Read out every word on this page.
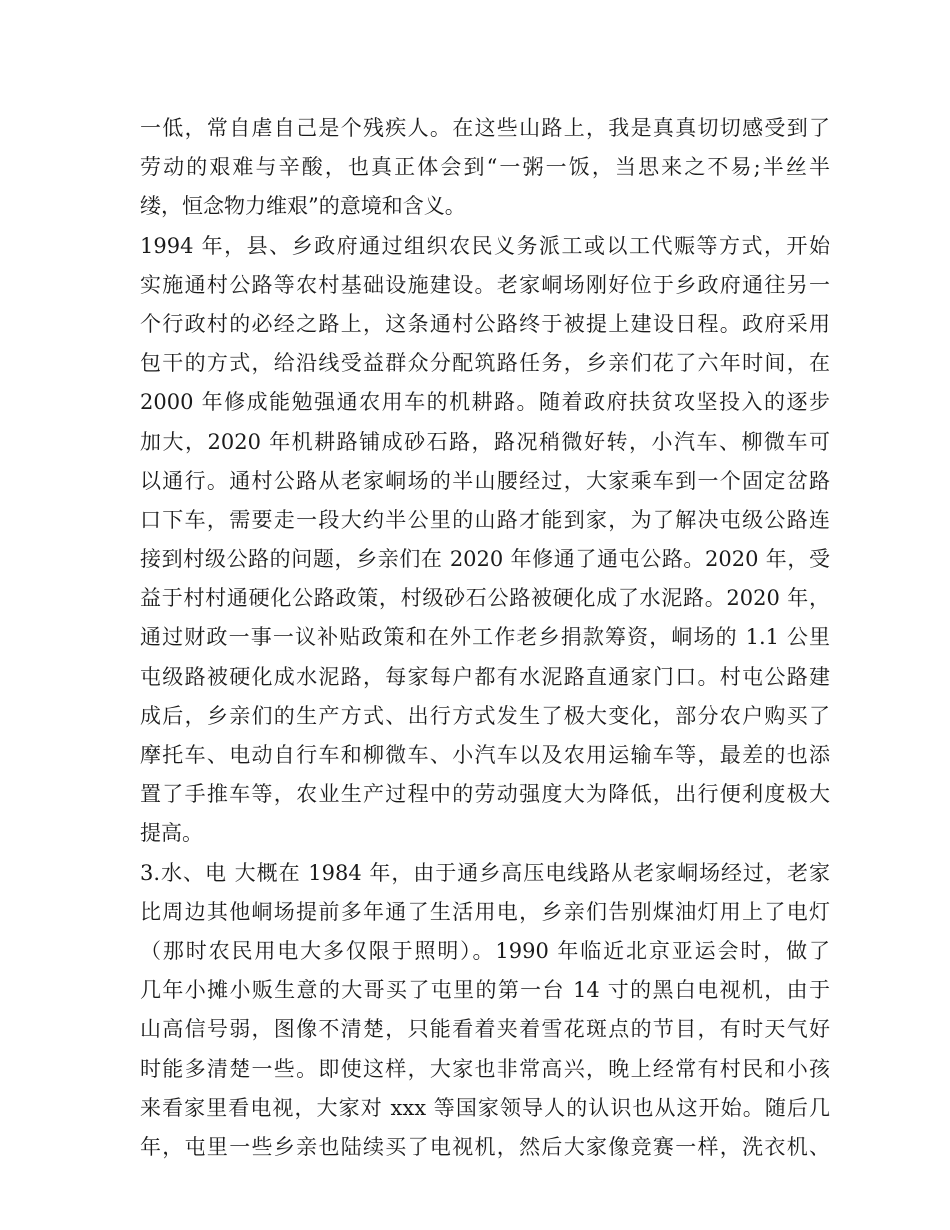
一低，常自虐自己是个残疾人。在这些山路上，我是真真切切感受到了
劳动的艰难与辛酸，也真正体会到“一粥一饭，当思来之不易;半丝半
缕，恒念物力维艰”的意境和含义。
1994 年，县、乡政府通过组织农民义务派工或以工代赈等方式，开始
实施通村公路等农村基础设施建设。老家峒场刚好位于乡政府通往另一
个行政村的必经之路上，这条通村公路终于被提上建设日程。政府采用
包干的方式，给沿线受益群众分配筑路任务，乡亲们花了六年时间，在
2000 年修成能勉强通农用车的机耕路。随着政府扶贫攻坚投入的逐步
加大，2020 年机耕路铺成砂石路，路况稍微好转，小汽车、柳微车可
以通行。通村公路从老家峒场的半山腰经过，大家乘车到一个固定岔路
口下车，需要走一段大约半公里的山路才能到家，为了解决屯级公路连
接到村级公路的问题，乡亲们在 2020 年修通了通屯公路。2020 年，受
益于村村通硬化公路政策，村级砂石公路被硬化成了水泥路。2020 年，
通过财政一事一议补贴政策和在外工作老乡捐款筹资，峒场的 1.1 公里
屯级路被硬化成水泥路，每家每户都有水泥路直通家门口。村屯公路建
成后，乡亲们的生产方式、出行方式发生了极大变化，部分农户购买了
摩托车、电动自行车和柳微车、小汽车以及农用运输车等，最差的也添
置了手推车等，农业生产过程中的劳动强度大为降低，出行便利度极大
提高。
3.水、电 大概在 1984 年，由于通乡高压电线路从老家峒场经过，老家
比周边其他峒场提前多年通了生活用电，乡亲们告别煤油灯用上了电灯
（那时农民用电大多仅限于照明）。1990 年临近北京亚运会时，做了
几年小摊小贩生意的大哥买了屯里的第一台 14 寸的黑白电视机，由于
山高信号弱，图像不清楚，只能看着夹着雪花斑点的节目，有时天气好
时能多清楚一些。即使这样，大家也非常高兴，晚上经常有村民和小孩
来看家里看电视，大家对 xxx 等国家领导人的认识也从这开始。随后几
年，屯里一些乡亲也陆续买了电视机，然后大家像竞赛一样，洗衣机、
